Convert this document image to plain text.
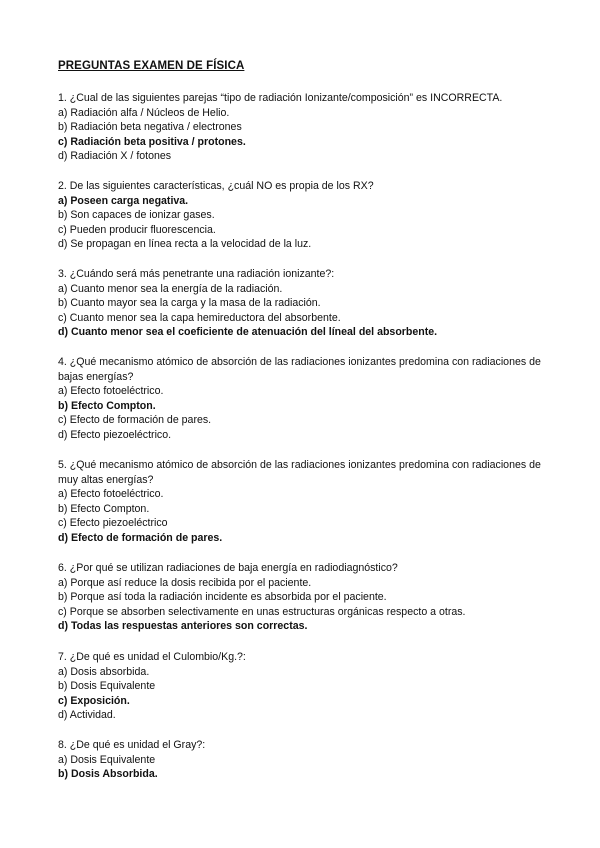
PREGUNTAS EXAMEN DE FÍSICA

1. ¿Cual de las siguientes parejas “tipo de radiación Ionizante/composición” es INCORRECTA.

a) Radiación alfa / Núcleos de Helio.

b) Radiación beta negativa / electrones

c) Radiación beta positiva / protones.

d) Radiación X / fotones

2. De las siguientes características, ¿cuál NO es propia de los RX?

a) Poseen carga negativa.

b) Son capaces de ionizar gases.

c) Pueden producir fluorescencia.

d) Se propagan en línea recta a la velocidad de la luz.

3. ¿Cuándo será más penetrante una radiación ionizante?:

a) Cuanto menor sea la energía de la radiación.

b) Cuanto mayor sea la carga y la masa de la radiación.

c) Cuanto menor sea la capa hemireductora del absorbente.

d) Cuanto menor sea el coeficiente de atenuación del líneal del absorbente.

4. ¿Qué mecanismo atómico de absorción de las radiaciones ionizantes predomina con radiaciones de bajas energías?

a) Efecto fotoeléctrico.

b) Efecto Compton.

c) Efecto de formación de pares.

d) Efecto piezoeléctrico.

5. ¿Qué mecanismo atómico de absorción de las radiaciones ionizantes predomina con radiaciones de muy altas energías?

a) Efecto fotoeléctrico.

b) Efecto Compton.

c) Efecto piezoeléctrico

d) Efecto de formación de pares.

6. ¿Por qué se utilizan radiaciones de baja energía en radiodiagnóstico?

a) Porque así reduce la dosis recibida por el paciente.

b) Porque así toda la radiación incidente es absorbida por el paciente.

c) Porque se absorben selectivamente en unas estructuras orgánicas respecto a otras.

d) Todas las respuestas anteriores son correctas.

7. ¿De qué es unidad el Culombio/Kg.?:

a) Dosis absorbida.

b) Dosis Equivalente

c) Exposición.

d) Actividad.

8. ¿De qué es unidad el Gray?:

a) Dosis Equivalente

b) Dosis Absorbida.
